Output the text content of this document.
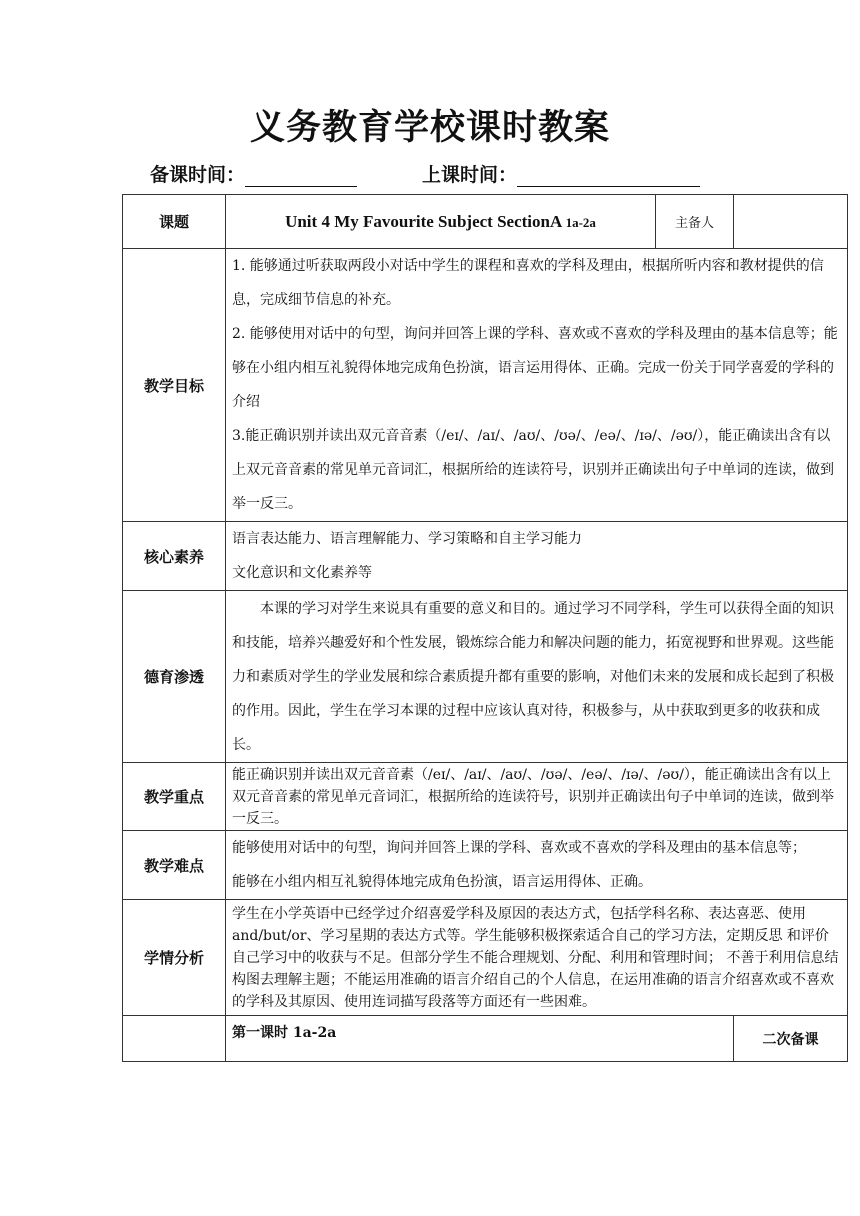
义务教育学校课时教案
备课时间：	上课时间：
课题	Unit 4 My Favourite Subject SectionA 1a-2a	主备人	
教学目标	1. 能够通过听获取两段小对话中学生的课程和喜欢的学科及理由，根据所听内容和教材提供的信息，完成细节信息的补充。

2. 能够使用对话中的句型，询问并回答上课的学科、喜欢或不喜欢的学科及理由的基本信息等；能够在小组内相互礼貌得体地完成角色扮演，语言运用得体、正确。完成一份关于同学喜爱的学科的介绍

3.能正确识别并读出双元音音素（/eɪ/、/aɪ/、/aʊ/、/ʊə/、/eə/、/ɪə/、/əʊ/），能正确读出含有以上双元音音素的常见单元音词汇，根据所给的连读符号，识别并正确读出句子中单词的连读，做到举一反三。		

核心素养	语言表达能力、语言理解能力、学习策略和自主学习能力

文化意识和文化素养等		

德育渗透	本课的学习对学生来说具有重要的意义和目的。通过学习不同学科，学生可以获得全面的知识和技能，培养兴趣爱好和个性发展，锻炼综合能力和解决问题的能力，拓宽视野和世界观。这些能力和素质对学生的学业发展和综合素质提升都有重要的影响，对他们未来的发展和成长起到了积极的作用。因此，学生在学习本课的过程中应该认真对待，积极参与，从中获取到更多的收获和成长。		

教学重点	能正确识别并读出双元音音素（/eɪ/、/aɪ/、/aʊ/、/ʊə/、/eə/、/ɪə/、/əʊ/），能正确读出含有以上双元音音素的常见单元音词汇，根据所给的连读符号，识别并正确读出句子中单词的连读，做到举一反三。		

教学难点	能够使用对话中的句型，询问并回答上课的学科、喜欢或不喜欢的学科及理由的基本信息等；

能够在小组内相互礼貌得体地完成角色扮演，语言运用得体、正确。		

学情分析	学生在小学英语中已经学过介绍喜爱学科及原因的表达方式，包括学科名称、表达喜恶、使用 and/but/or、学习星期的表达方式等。学生能够积极探索适合自己的学习方法，定期反思 和评价自己学习中的收获与不足。但部分学生不能合理规划、分配、利用和管理时间； 不善于利用信息结构图去理解主题；不能运用准确的语言介绍自己的个人信息，在运用准确的语言介绍喜欢或不喜欢的学科及其原因、使用连词描写段落等方面还有一些困难。		

	第一课时 1a-2a		二次备课
